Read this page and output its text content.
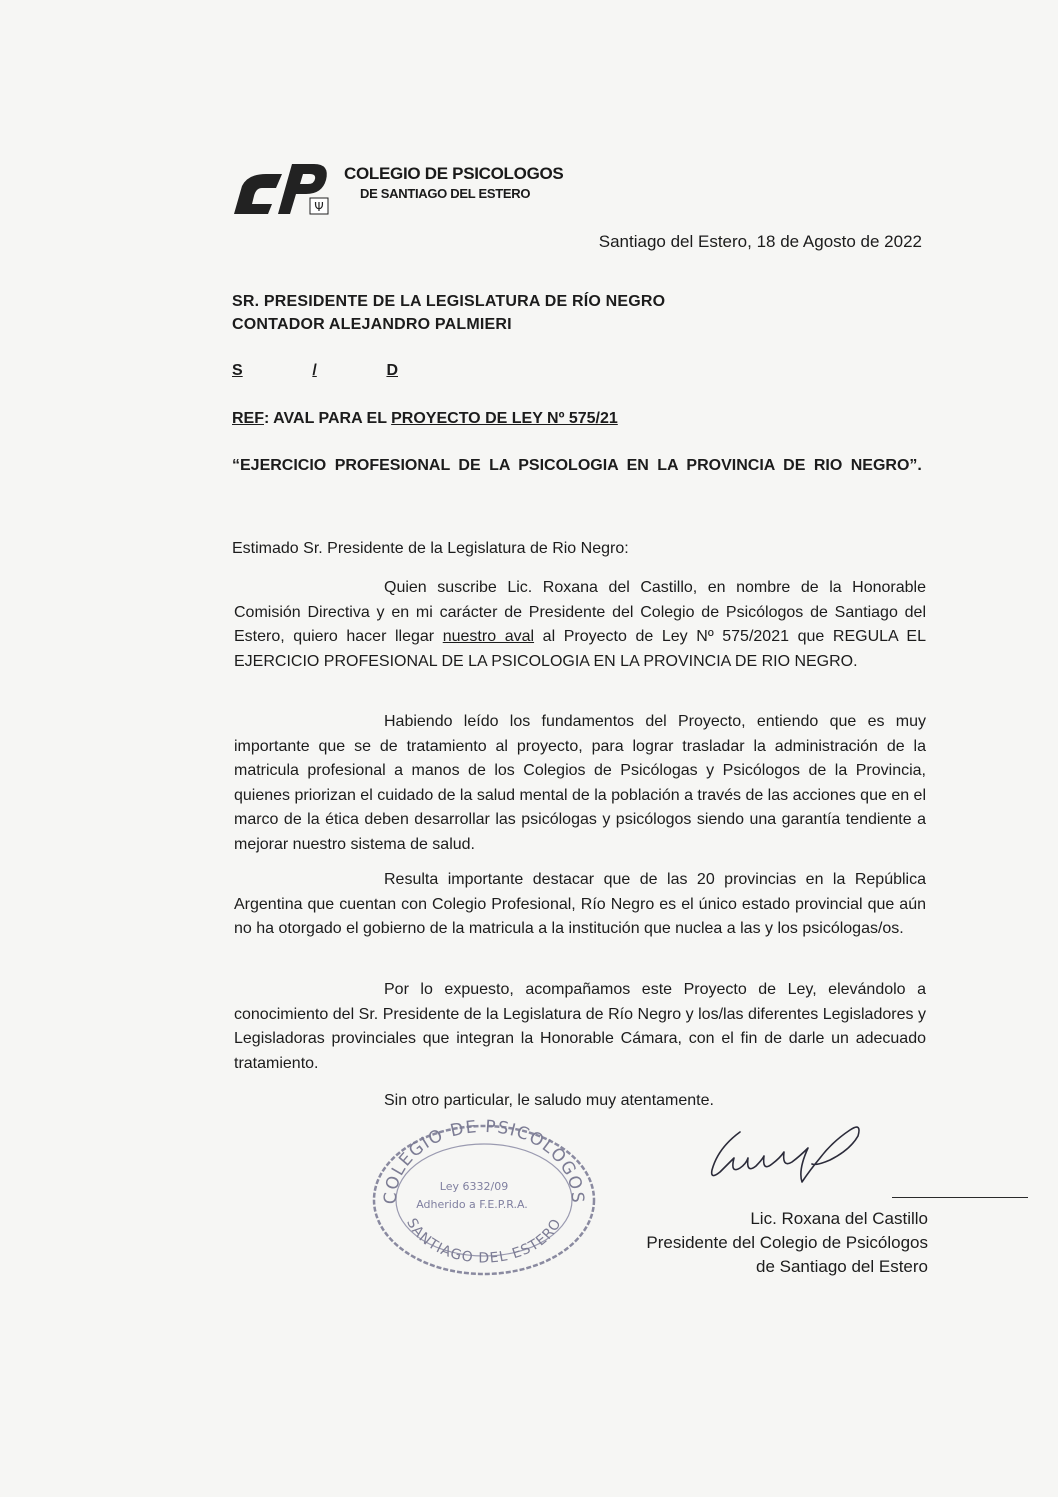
Ψ
COLEGIO DE PSICOLOGOS
DE SANTIAGO DEL ESTERO
Santiago del Estero, 18 de Agosto de 2022
SR. PRESIDENTE DE LA LEGISLATURA DE RÍO NEGRO
CONTADOR ALEJANDRO PALMIERI
S	/	D
REF: AVAL PARA EL PROYECTO DE LEY Nº 575/21
“EJERCICIO PROFESIONAL DE LA PSICOLOGIA EN LA PROVINCIA DE RIO NEGRO”.
Estimado Sr. Presidente de la Legislatura de Rio Negro:

Quien suscribe Lic. Roxana del Castillo, en nombre de la Honorable Comisión Directiva y en mi carácter de Presidente del Colegio de Psicólogos de Santiago del Estero, quiero hacer llegar nuestro aval al Proyecto de Ley Nº 575/2021 que REGULA EL EJERCICIO PROFESIONAL DE LA PSICOLOGIA EN LA PROVINCIA DE RIO NEGRO.

Habiendo leído los fundamentos del Proyecto, entiendo que es muy importante que se de tratamiento al proyecto, para lograr trasladar la administración de la matricula profesional a manos de los Colegios de Psicólogas y Psicólogos de la Provincia, quienes priorizan el cuidado de la salud mental de la población a través de las acciones que en el marco de la ética deben desarrollar las psicólogas y psicólogos siendo una garantía tendiente a mejorar nuestro sistema de salud.

Resulta importante destacar que de las 20 provincias en la República Argentina que cuentan con Colegio Profesional, Río Negro es el único estado provincial que aún no ha otorgado el gobierno de la matricula a la institución que nuclea a las y los psicólogas/os.

Por lo expuesto, acompañamos este Proyecto de Ley, elevándolo a conocimiento del Sr. Presidente de la Legislatura de Río Negro y los/las diferentes Legisladores y Legisladoras provinciales que integran la Honorable Cámara, con el fin de darle un adecuado tratamiento.

Sin otro particular, le saludo muy atentamente.
COLEGIO DE PSICOLOGOS
SANTIAGO DEL ESTERO
Ley 6332/09
Adherido a F.E.P.R.A.
Lic. Roxana del Castillo
Presidente del Colegio de Psicólogos
de Santiago del Estero
